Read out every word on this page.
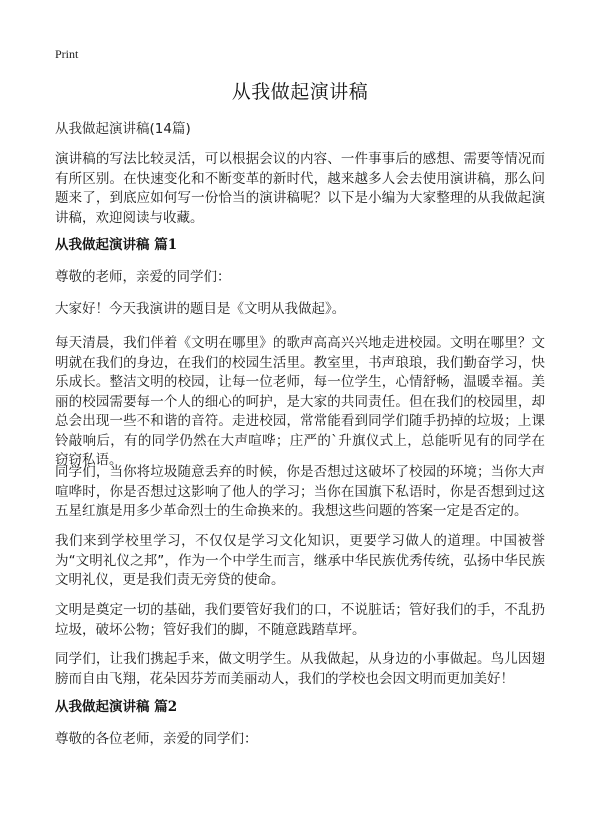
Print
从我做起演讲稿
从我做起演讲稿(14篇)

演讲稿的写法比较灵活，可以根据会议的内容、一件事事后的感想、需要等情况而有所区别。在快速变化和不断变革的新时代，越来越多人会去使用演讲稿，那么问题来了，到底应如何写一份恰当的演讲稿呢？以下是小编为大家整理的从我做起演讲稿，欢迎阅读与收藏。

从我做起演讲稿 篇1

尊敬的老师，亲爱的同学们：

大家好！今天我演讲的题目是《文明从我做起》。

每天清晨，我们伴着《文明在哪里》的歌声高高兴兴地走进校园。文明在哪里？文明就在我们的身边，在我们的校园生活里。教室里，书声琅琅，我们勤奋学习，快乐成长。整洁文明的校园，让每一位老师，每一位学生，心情舒畅，温暖幸福。美丽的校园需要每一个人的细心的呵护，是大家的共同责任。但在我们的校园里，却总会出现一些不和谐的音符。走进校园，常常能看到同学们随手扔掉的垃圾；上课铃敲响后，有的同学仍然在大声喧哗；庄严的`升旗仪式上，总能听见有的同学在窃窃私语。

同学们，当你将垃圾随意丢弃的时候，你是否想过这破坏了校园的环境；当你大声喧哗时，你是否想过这影响了他人的学习；当你在国旗下私语时，你是否想到过这五星红旗是用多少革命烈士的生命换来的。我想这些问题的答案一定是否定的。

我们来到学校里学习，不仅仅是学习文化知识，更要学习做人的道理。中国被誉为“文明礼仪之邦”，作为一个中学生而言，继承中华民族优秀传统，弘扬中华民族文明礼仪，更是我们责无旁贷的使命。

文明是奠定一切的基础，我们要管好我们的口，不说脏话；管好我们的手，不乱扔垃圾，破坏公物；管好我们的脚，不随意践踏草坪。

同学们，让我们携起手来，做文明学生。从我做起，从身边的小事做起。鸟儿因翅膀而自由飞翔，花朵因芬芳而美丽动人，我们的学校也会因文明而更加美好！

从我做起演讲稿 篇2

尊敬的各位老师，亲爱的同学们：
